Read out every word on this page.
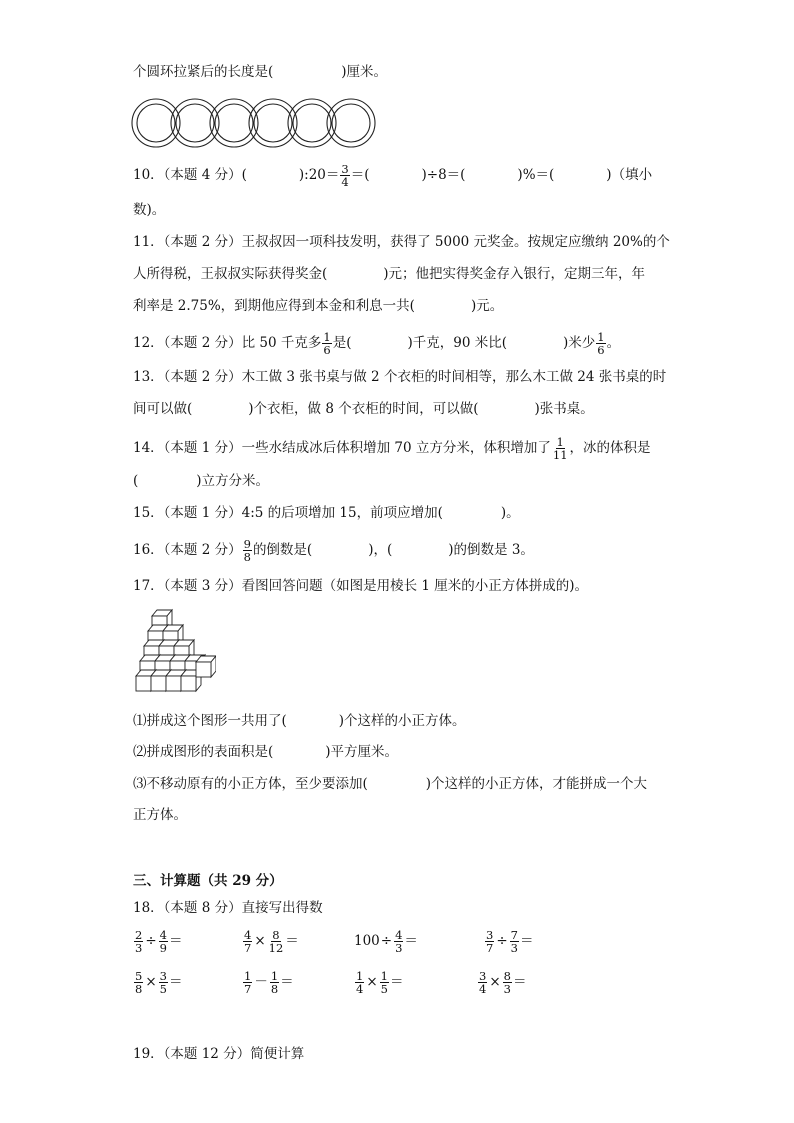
个圆环拉紧后的长度是(	)厘米。
10．（本题 4 分）(	):20＝ $\frac{3}{4}$ ＝(	)÷8＝(	)%＝(	)（填小
数)。
11．（本题 2 分）王叔叔因一项科技发明，获得了 5000 元奖金。按规定应缴纳 20%的个
人所得税，王叔叔实际获得奖金(	)元；他把实得奖金存入银行，定期三年，年
利率是 2.75%，到期他应得到本金和利息一共(	)元。
12．（本题 2 分）比 50 千克多 $\frac{1}{6}$ 是(	)千克，90 米比(	)米少 $\frac{1}{6}$ 。
13．（本题 2 分）木工做 3 张书桌与做 2 个衣柜的时间相等，那么木工做 24 张书桌的时
间可以做(	)个衣柜，做 8 个衣柜的时间，可以做(	)张书桌。
14．（本题 1 分）一些水结成冰后体积增加 70 立方分米，体积增加了 $\frac{1}{11}$ ，冰的体积是
(	)立方分米。
15．（本题 1 分）4:5 的后项增加 15，前项应增加(	)。
16．（本题 2 分） $\frac{9}{8}$ 的倒数是(	)，(	)的倒数是 3。
17．（本题 3 分）看图回答问题（如图是用棱长 1 厘米的小正方体拼成的)。
⑴拼成这个图形一共用了(	)个这样的小正方体。
⑵拼成图形的表面积是(	)平方厘米。
⑶不移动原有的小正方体，至少要添加(	)个这样的小正方体，才能拼成一个大
正方体。
三、计算题（共 29 分）
18．（本题 8 分）直接写出得数
$\frac{2}{3} \div \frac{4}{9}$ ＝	$\frac{4}{7} \times \frac{8}{12}$ ＝	$100\div \frac{4}{3}$ ＝	$\frac{3}{7} \div \frac{7}{3}$ ＝
$\frac{5}{8} \times \frac{3}{5}$ ＝	$\frac{1}{7} - \frac{1}{8}$ ＝	$\frac{1}{4} \times \frac{1}{5}$ ＝	$\frac{3}{4} \times \frac{8}{3}$ ＝
19．（本题 12 分）简便计算
